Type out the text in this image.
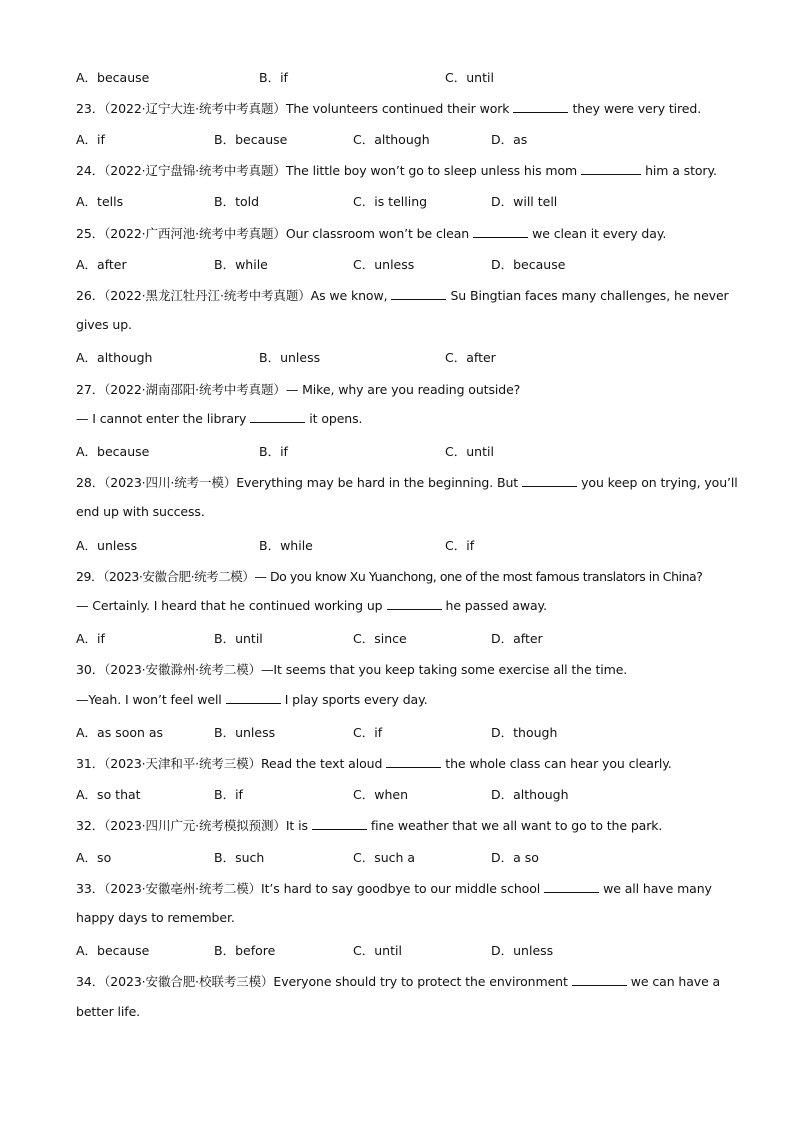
A．because	B．if	C．until
23．（2022·辽宁大连·统考中考真题）The volunteers continued their work	they were very tired.
A．if	B．because	C．although	D．as
24．（2022·辽宁盘锦·统考中考真题）The little boy won’t go to sleep unless his mom	him a story.
A．tells	B．told	C．is telling	D．will tell
25．（2022·广西河池·统考中考真题）Our classroom won’t be clean	we clean it every day.
A．after	B．while	C．unless	D．because
26．（2022·黑龙江牡丹江·统考中考真题）As we know,	Su Bingtian faces many challenges, he never
gives up.
A．although	B．unless	C．after
27．（2022·湖南邵阳·统考中考真题）— Mike, why are you reading outside?
— I cannot enter the library	it opens.
A．because	B．if	C．until
28．（2023·四川·统考一模）Everything may be hard in the beginning. But	you keep on trying, you’ll
end up with success.
A．unless	B．while	C．if
29．（2023·安徽合肥·统考二模）— Do you know Xu Yuanchong, one of the most famous translators in China?
— Certainly. I heard that he continued working up	he passed away.
A．if	B．until	C．since	D．after
30．（2023·安徽滁州·统考二模）—It seems that you keep taking some exercise all the time.
—Yeah. I won’t feel well	I play sports every day.
A．as soon as	B．unless	C．if	D．though
31．（2023·天津和平·统考三模）Read the text aloud	the whole class can hear you clearly.
A．so that	B．if	C．when	D．although
32．（2023·四川广元·统考模拟预测）It is	fine weather that we all want to go to the park.
A．so	B．such	C．such a	D．a so
33．（2023·安徽亳州·统考二模）It’s hard to say goodbye to our middle school	we all have many
happy days to remember.
A．because	B．before	C．until	D．unless
34．（2023·安徽合肥·校联考三模）Everyone should try to protect the environment	we can have a
better life.
